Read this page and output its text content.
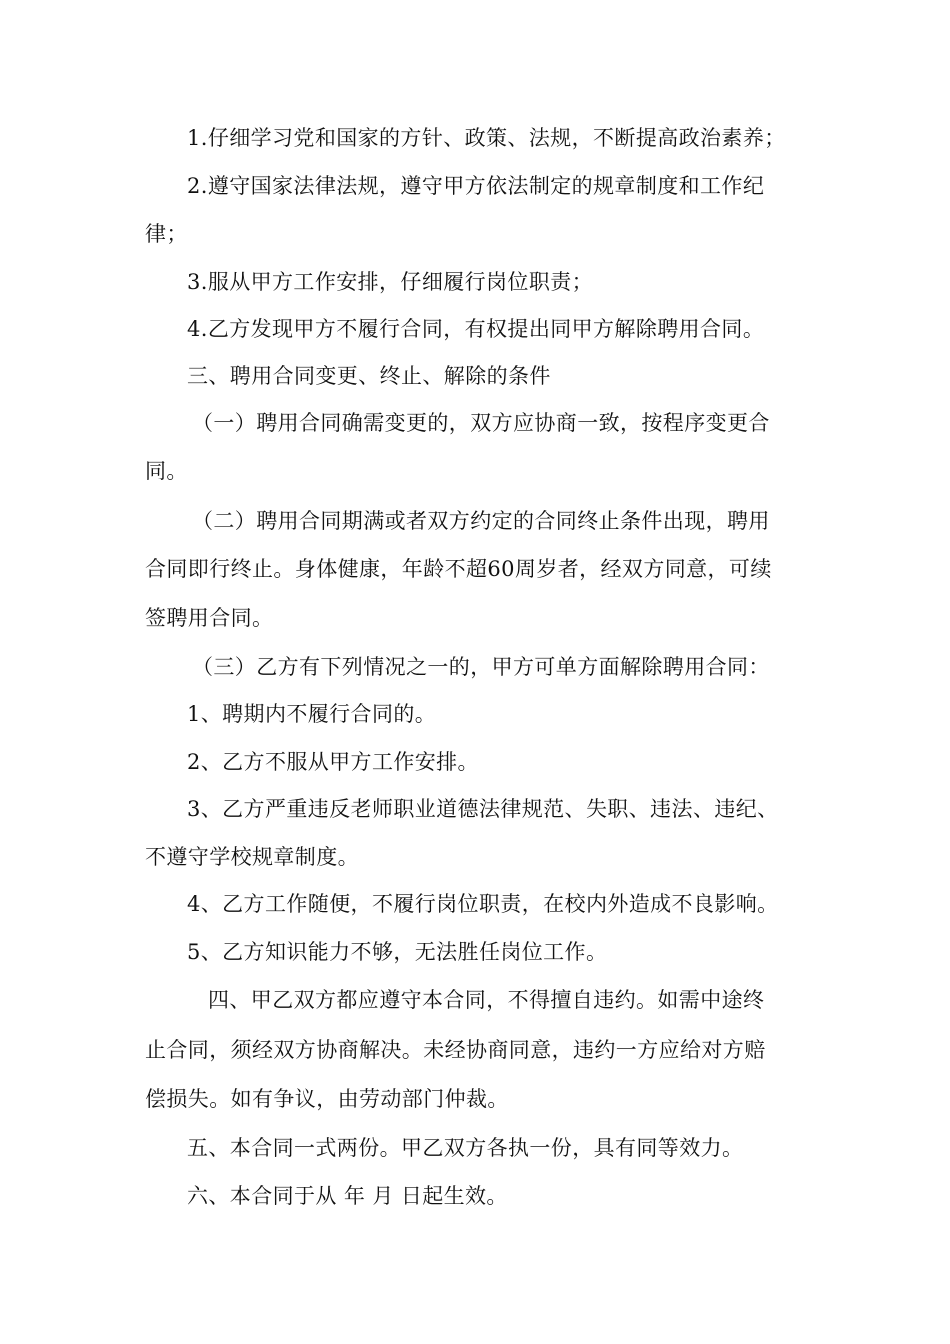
1.仔细学习党和国家的方针、政策、法规，不断提高政治素养；
2.遵守国家法律法规，遵守甲方依法制定的规章制度和工作纪
律；
3.服从甲方工作安排，仔细履行岗位职责；
4.乙方发现甲方不履行合同，有权提出同甲方解除聘用合同。
三、聘用合同变更、终止、解除的条件
（一）聘用合同确需变更的，双方应协商一致，按程序变更合
同。
（二）聘用合同期满或者双方约定的合同终止条件出现，聘用
合同即行终止。身体健康，年龄不超60周岁者，经双方同意，可续
签聘用合同。
（三）乙方有下列情况之一的，甲方可单方面解除聘用合同：
1、聘期内不履行合同的。
2、乙方不服从甲方工作安排。
3、乙方严重违反老师职业道德法律规范、失职、违法、违纪、
不遵守学校规章制度。
4、乙方工作随便，不履行岗位职责，在校内外造成不良影响。
5、乙方知识能力不够，无法胜任岗位工作。
四、甲乙双方都应遵守本合同，不得擅自违约。如需中途终
止合同，须经双方协商解决。未经协商同意，违约一方应给对方赔
偿损失。如有争议，由劳动部门仲裁。
五、本合同一式两份。甲乙双方各执一份，具有同等效力。
六、本合同于从 年 月 日起生效。
